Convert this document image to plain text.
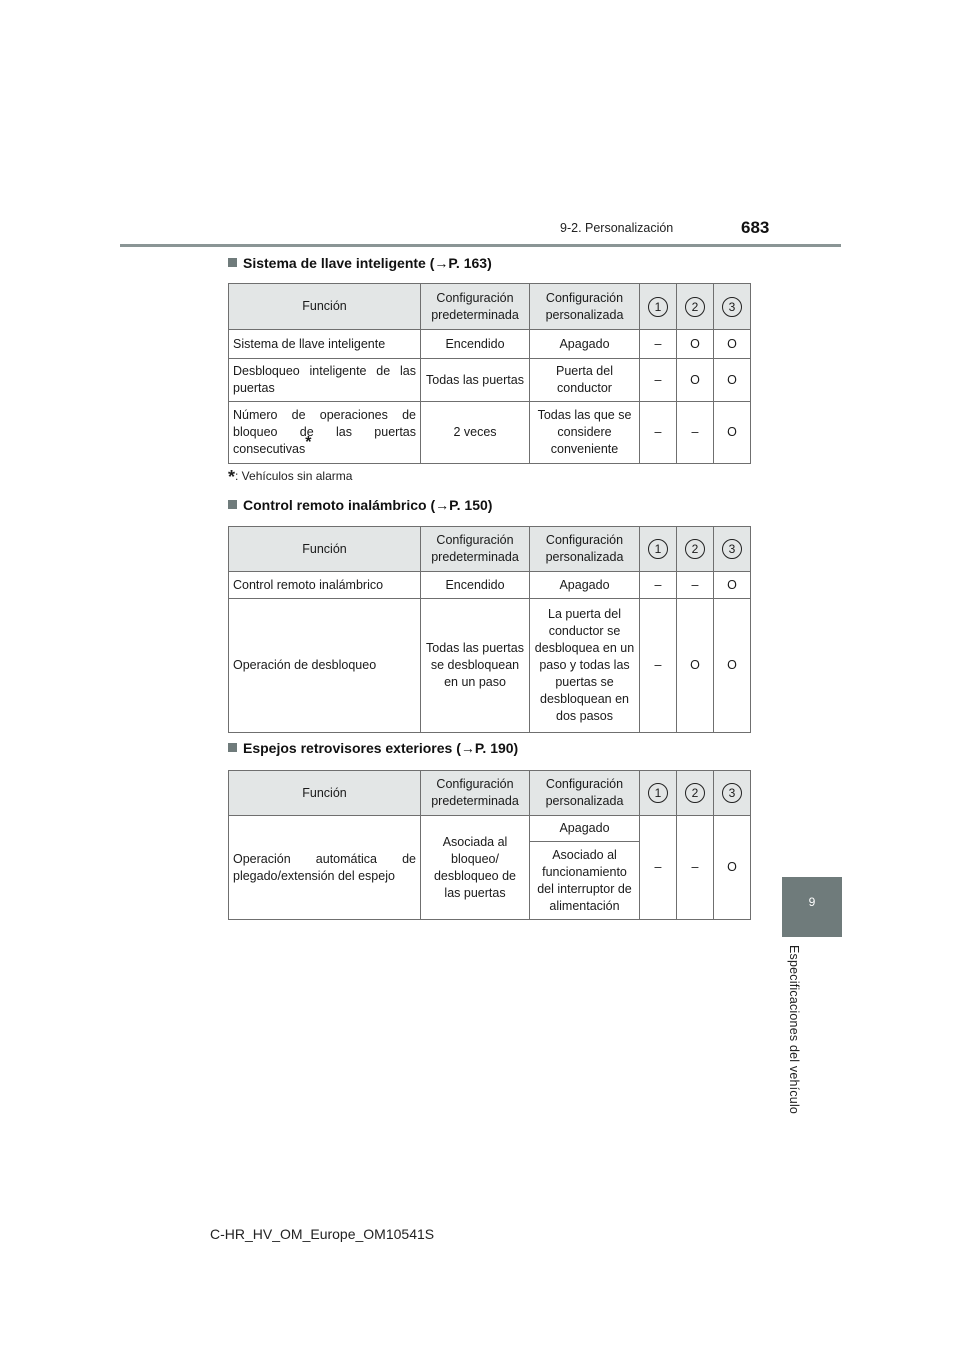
9-2. Personalización	683
9
Especificaciones del vehículo
Sistema de llave inteligente (→P. 163)
Función	Configuración predeterminada	Configuración personalizada	1	2	3
Sistema de llave inteligente	Encendido	Apagado	–	O	O
Desbloqueo inteligente de las puertas	Todas las puertas	Puerta del conductor	–	O	O
Número de operaciones de bloqueo de las puertas consecutivas*	2 veces	Todas las que se considere conveniente	–	–	O
*: Vehículos sin alarma
Control remoto inalámbrico (→P. 150)
Función	Configuración predeterminada	Configuración personalizada	1	2	3
Control remoto inalámbrico	Encendido	Apagado	–	–	O
Operación de desbloqueo	Todas las puertas se desbloquean en un paso	La puerta del conductor se desbloquea en un paso y todas las puertas se desbloquean en dos pasos	–	O	O
Espejos retrovisores exteriores (→P. 190)
Función	Configuración predeterminada	Configuración personalizada	1	2	3
Operación automática de plegado/extensión del espejo	Asociada al bloqueo/ desbloqueo de las puertas	Apagado	–	–	O
		Asociado al funcionamiento del interruptor de alimentación			
C-HR_HV_OM_Europe_OM10541S
